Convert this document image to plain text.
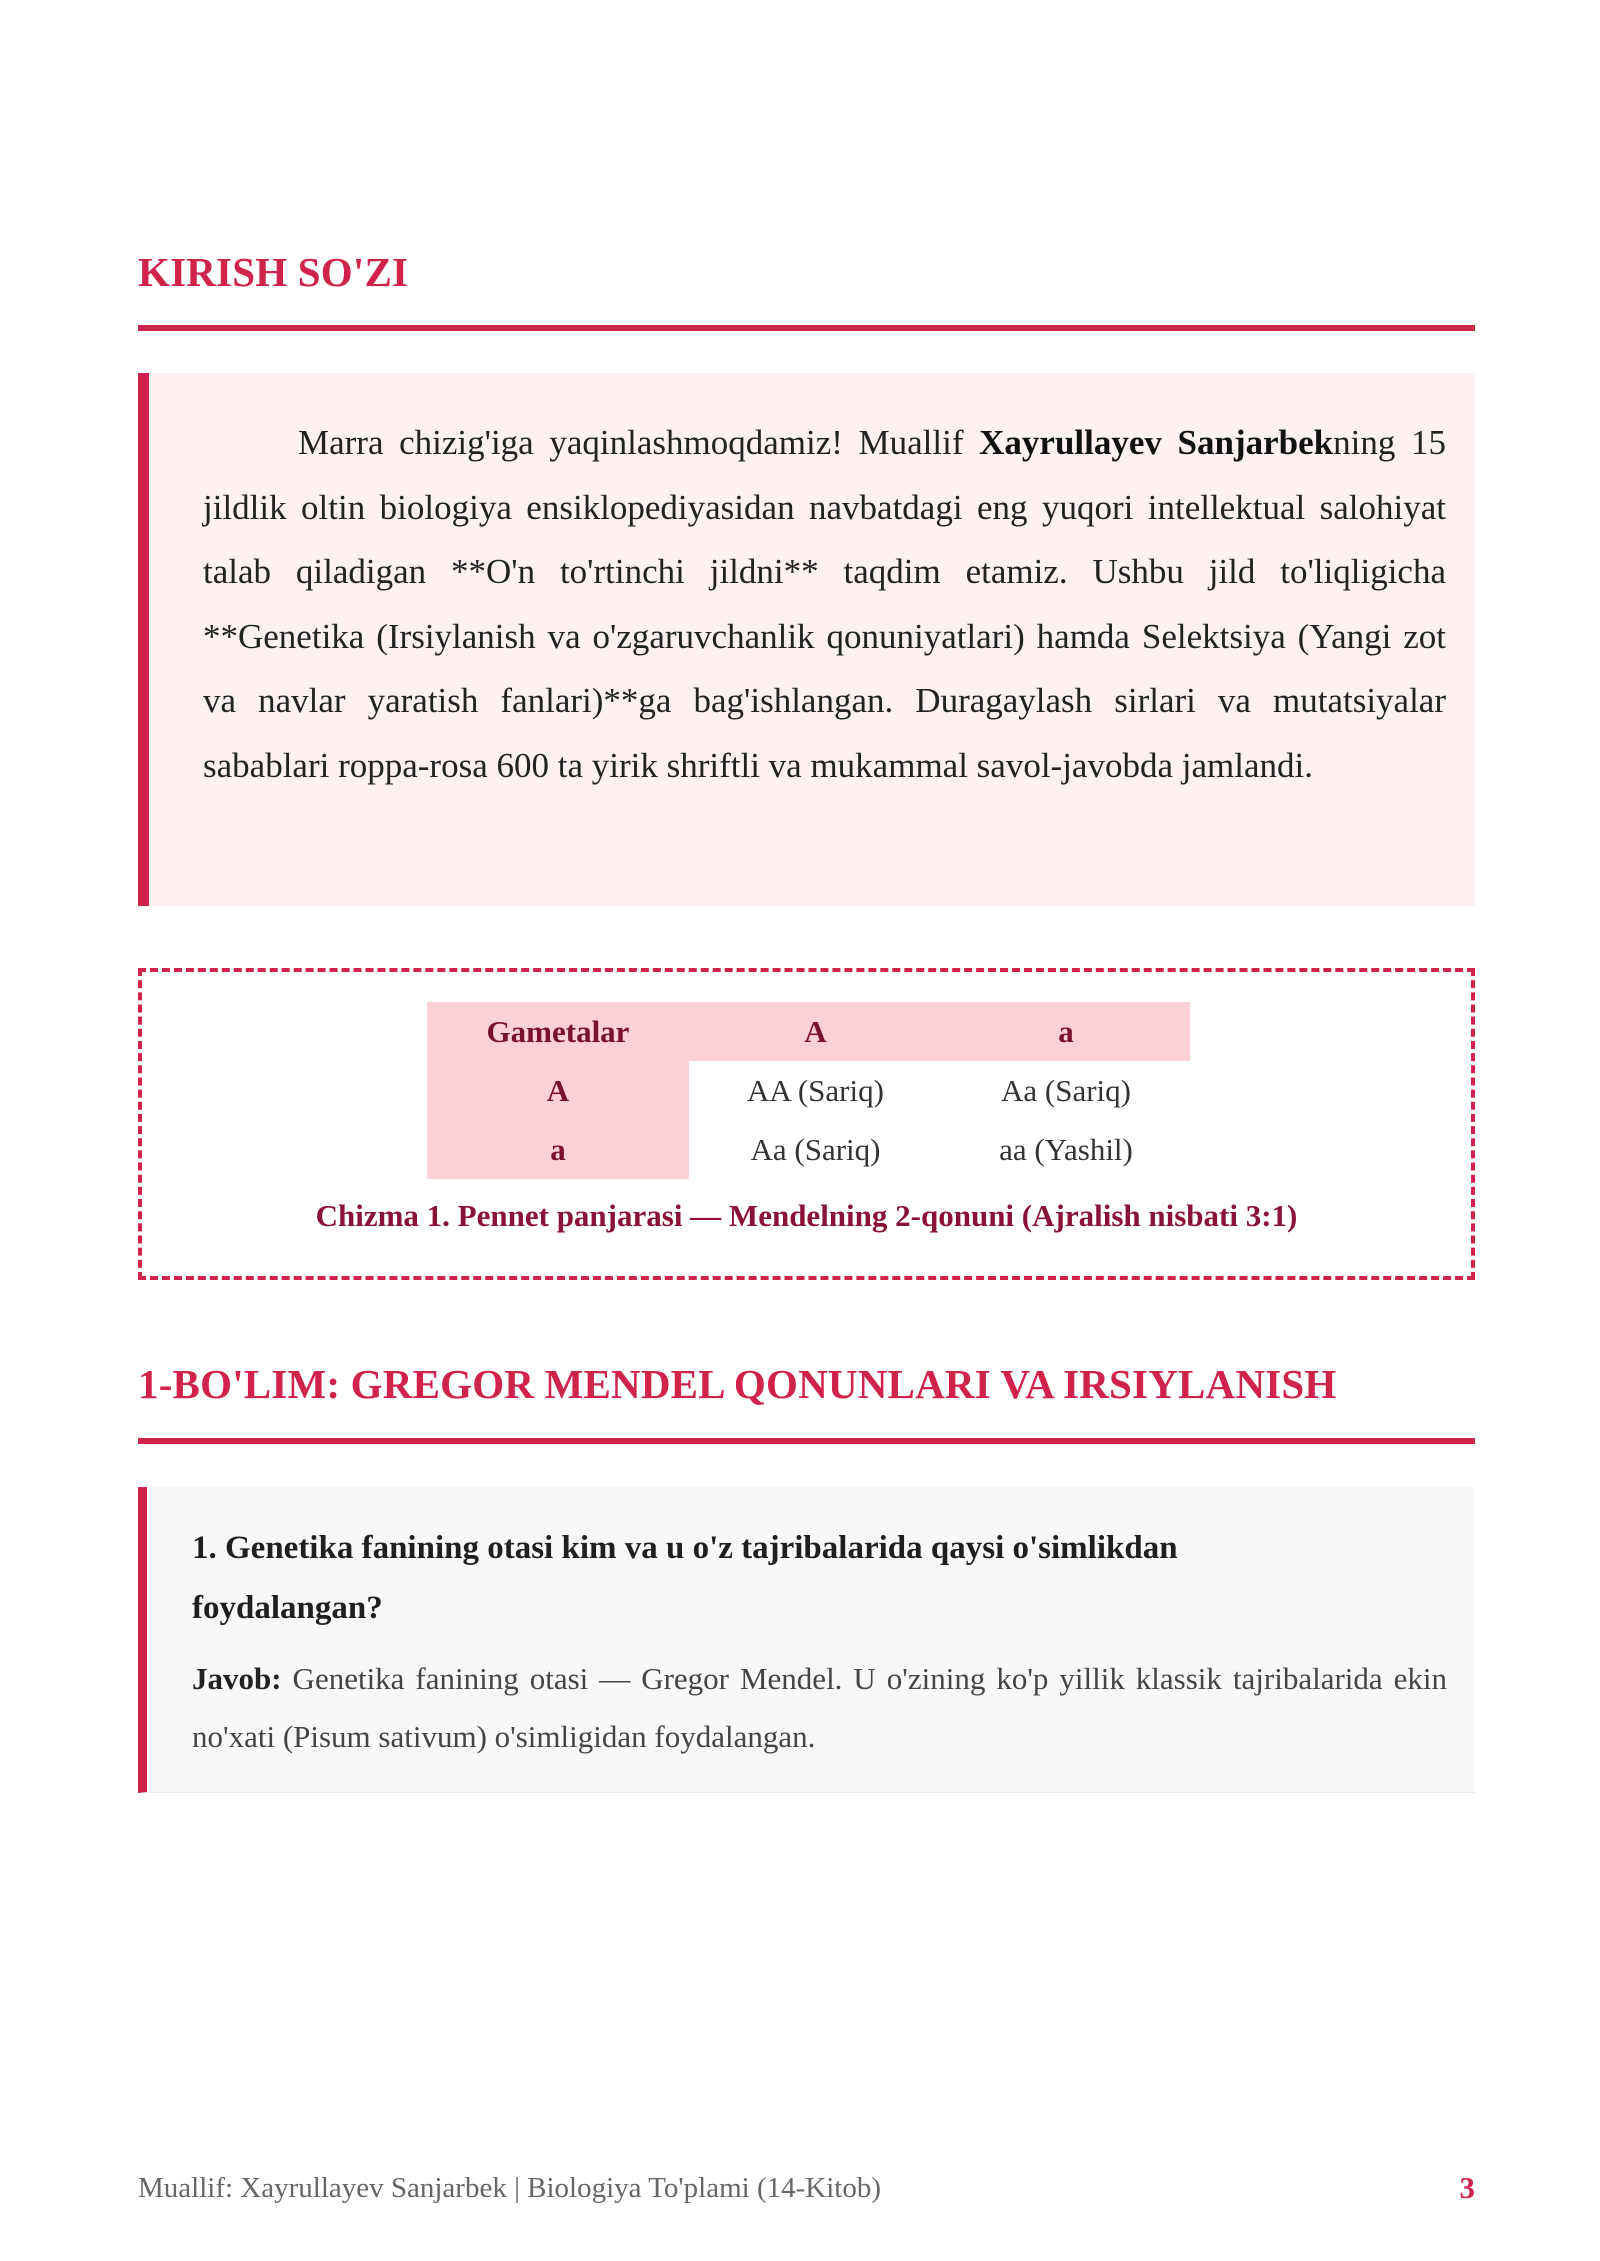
KIRISH SO'ZI
Marra chizig'iga yaqinlashmoqdamiz! Muallif Xayrullayev Sanjarbekning 15 jildlik oltin biologiya ensiklopediyasidan navbatdagi eng yuqori intellektual salohiyat talab qiladigan **O'n to'rtinchi jildni** taqdim etamiz. Ushbu jild to'liqligicha **Genetika (Irsiylanish va o'zgaruvchanlik qonuniyatlari) hamda Selektsiya (Yangi zot va navlar yaratish fanlari)**ga bag'ishlangan. Duragaylash sirlari va mutatsiyalar sabablari roppa-rosa 600 ta yirik shriftli va mukammal savol-javobda jamlandi.
Gametalar	A	a
A	AA (Sariq)	Aa (Sariq)
a	Aa (Sariq)	aa (Yashil)
Chizma 1. Pennet panjarasi — Mendelning 2-qonuni (Ajralish nisbati 3:1)
1-BO'LIM: GREGOR MENDEL QONUNLARI VA IRSIYLANISH
1. Genetika fanining otasi kim va u o'z tajribalarida qaysi o'simlikdan foydalangan?
Javob: Genetika fanining otasi — Gregor Mendel. U o'zining ko'p yillik klassik tajribalarida ekin no'xati (Pisum sativum) o'simligidan foydalangan.
Muallif: Xayrullayev Sanjarbek | Biologiya To'plami (14-Kitob)	3
